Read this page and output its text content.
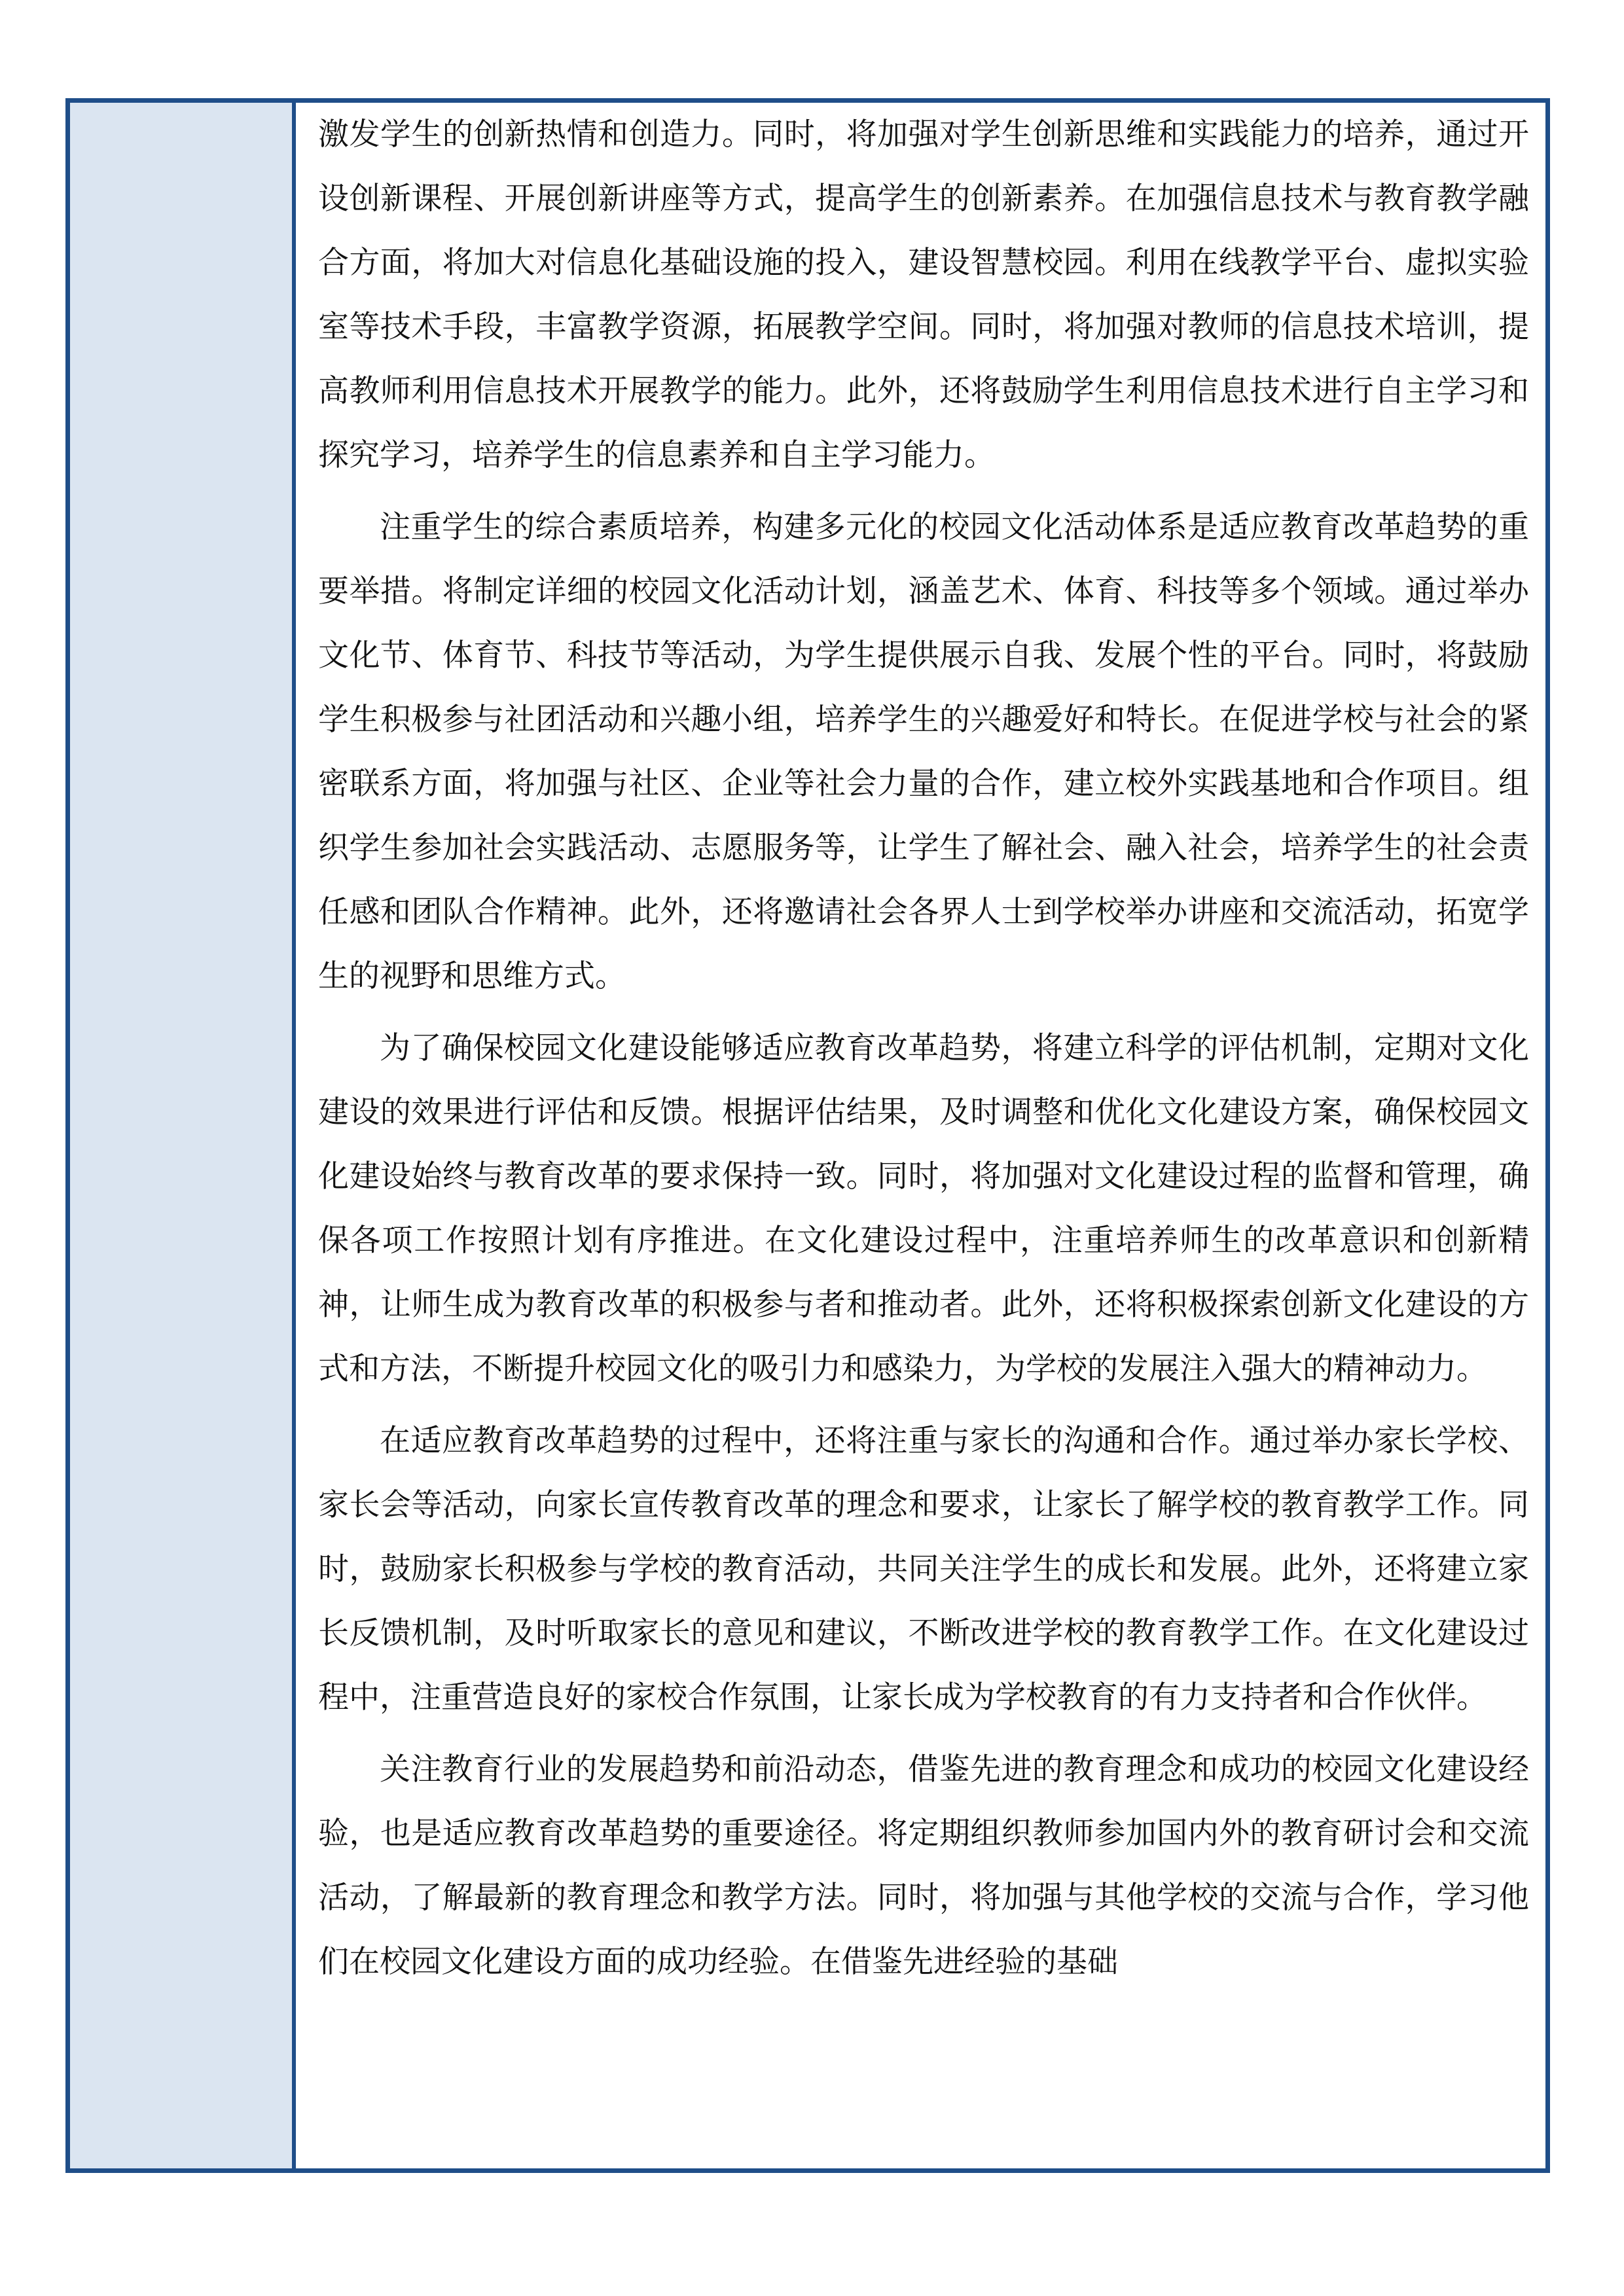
激发学生的创新热情和创造力。同时，将加强对学生创新思维和实践能力的培养，通过开设创新课程、开展创新讲座等方式，提高学生的创新素养。在加强信息技术与教育教学融合方面，将加大对信息化基础设施的投入，建设智慧校园。利用在线教学平台、虚拟实验室等技术手段，丰富教学资源，拓展教学空间。同时，将加强对教师的信息技术培训，提高教师利用信息技术开展教学的能力。此外，还将鼓励学生利用信息技术进行自主学习和探究学习，培养学生的信息素养和自主学习能力。

注重学生的综合素质培养，构建多元化的校园文化活动体系是适应教育改革趋势的重要举措。将制定详细的校园文化活动计划，涵盖艺术、体育、科技等多个领域。通过举办文化节、体育节、科技节等活动，为学生提供展示自我、发展个性的平台。同时，将鼓励学生积极参与社团活动和兴趣小组，培养学生的兴趣爱好和特长。在促进学校与社会的紧密联系方面，将加强与社区、企业等社会力量的合作，建立校外实践基地和合作项目。组织学生参加社会实践活动、志愿服务等，让学生了解社会、融入社会，培养学生的社会责任感和团队合作精神。此外，还将邀请社会各界人士到学校举办讲座和交流活动，拓宽学生的视野和思维方式。

为了确保校园文化建设能够适应教育改革趋势，将建立科学的评估机制，定期对文化建设的效果进行评估和反馈。根据评估结果，及时调整和优化文化建设方案，确保校园文化建设始终与教育改革的要求保持一致。同时，将加强对文化建设过程的监督和管理，确保各项工作按照计划有序推进。在文化建设过程中，注重培养师生的改革意识和创新精神，让师生成为教育改革的积极参与者和推动者。此外，还将积极探索创新文化建设的方式和方法，不断提升校园文化的吸引力和感染力，为学校的发展注入强大的精神动力。

在适应教育改革趋势的过程中，还将注重与家长的沟通和合作。通过举办家长学校、家长会等活动，向家长宣传教育改革的理念和要求，让家长了解学校的教育教学工作。同时，鼓励家长积极参与学校的教育活动，共同关注学生的成长和发展。此外，还将建立家长反馈机制，及时听取家长的意见和建议，不断改进学校的教育教学工作。在文化建设过程中，注重营造良好的家校合作氛围，让家长成为学校教育的有力支持者和合作伙伴。

关注教育行业的发展趋势和前沿动态，借鉴先进的教育理念和成功的校园文化建设经验，也是适应教育改革趋势的重要途径。将定期组织教师参加国内外的教育研讨会和交流活动，了解最新的教育理念和教学方法。同时，将加强与其他学校的交流与合作，学习他们在校园文化建设方面的成功经验。在借鉴先进经验的基础
